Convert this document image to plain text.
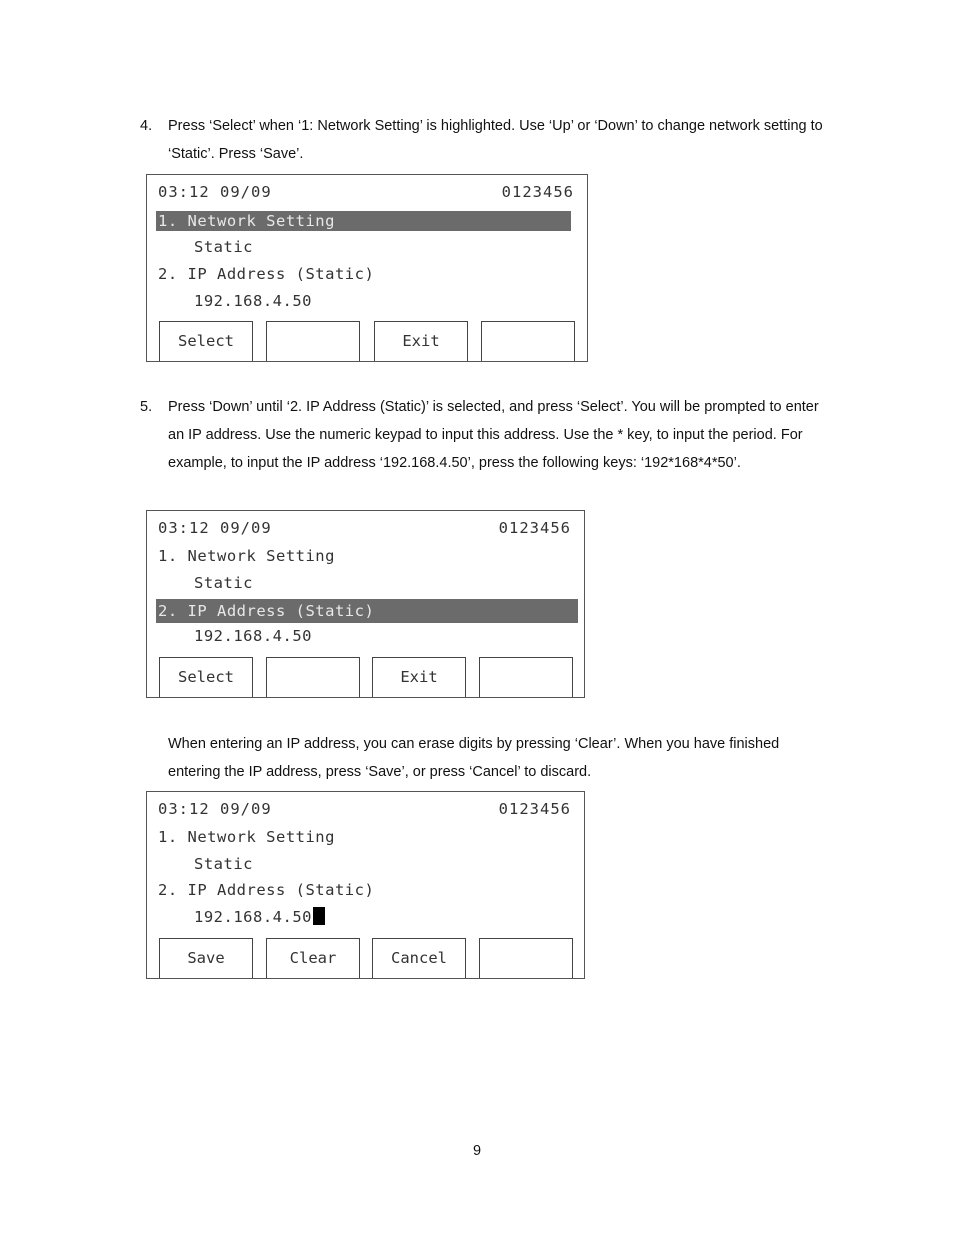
4. Press ‘Select’ when ‘1: Network Setting’ is highlighted. Use ‘Up’ or ‘Down’ to change network setting to ‘Static’. Press ‘Save’.
03:12 09/09	0123456
1. Network Setting
Static
2. IP Address (Static)
192.168.4.50
Select	Exit
5. Press ‘Down’ until ‘2. IP Address (Static)’ is selected, and press ‘Select’. You will be prompted to enter an IP address. Use the numeric keypad to input this address. Use the * key, to input the period. For example, to input the IP address ‘192.168.4.50’, press the following keys: ‘192*168*4*50’.
03:12 09/09	0123456
1. Network Setting
Static
2. IP Address (Static)
192.168.4.50
Select	Exit
When entering an IP address, you can erase digits by pressing ‘Clear’. When you have finished entering the IP address, press ‘Save’, or press ‘Cancel’ to discard.
03:12 09/09	0123456
1. Network Setting
Static
2. IP Address (Static)
192.168.4.50
Save	Clear	Cancel
9
